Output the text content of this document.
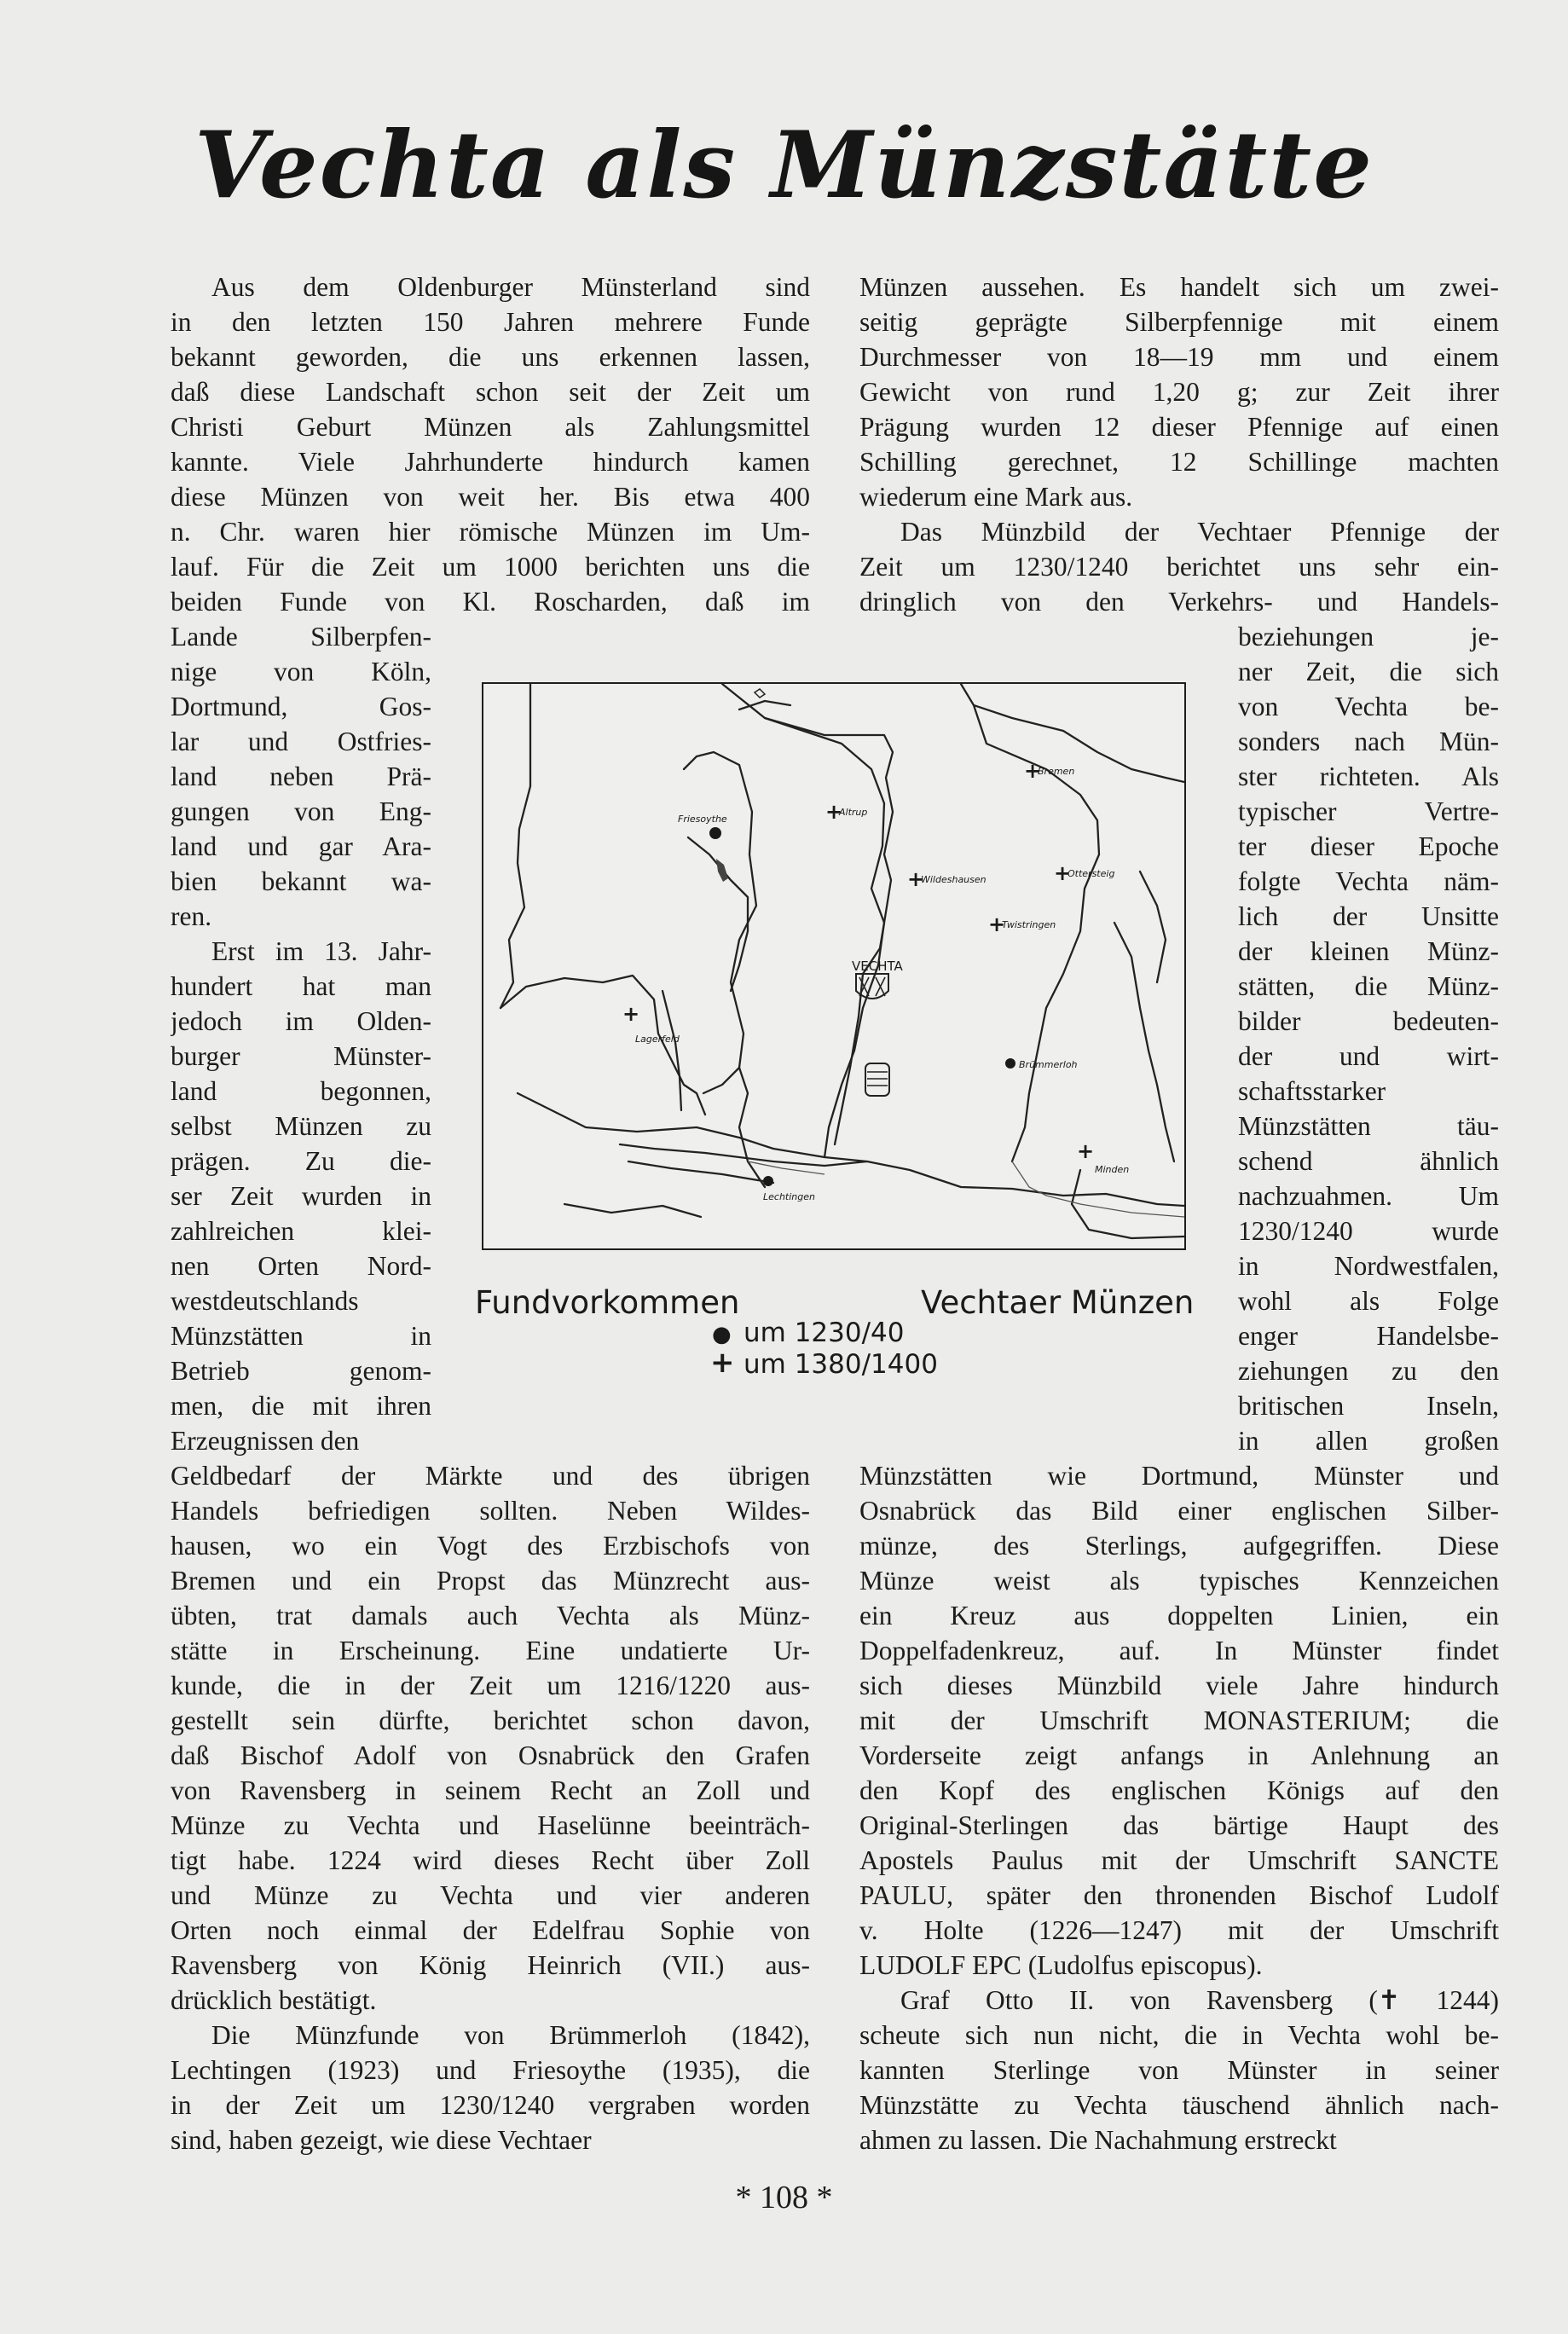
Vechta als Münzstätte
Aus dem Oldenburger Münsterland sind
in den letzten 150 Jahren mehrere Funde
bekannt geworden, die uns erkennen lassen,
daß diese Landschaft schon seit der Zeit um
Christi Geburt Münzen als Zahlungsmittel
kannte. Viele Jahrhunderte hindurch kamen
diese Münzen von weit her. Bis etwa 400
n. Chr. waren hier römische Münzen im Um-
lauf. Für die Zeit um 1000 berichten uns die
beiden Funde von Kl. Roscharden, daß im
Lande Silberpfen-
nige von Köln,
Dortmund, Gos-
lar und Ostfries-
land neben Prä-
gungen von Eng-
land und gar Ara-
bien bekannt wa-
ren.
Erst im 13. Jahr-
hundert hat man
jedoch im Olden-
burger Münster-
land begonnen,
selbst Münzen zu
prägen. Zu die-
ser Zeit wurden in
zahlreichen klei-
nen Orten Nord-
westdeutschlands
Münzstätten in
Betrieb genom-
men, die mit ihren
Erzeugnissen den
Geldbedarf der Märkte und des übrigen
Handels befriedigen sollten. Neben Wildes-
hausen, wo ein Vogt des Erzbischofs von
Bremen und ein Propst das Münzrecht aus-
übten, trat damals auch Vechta als Münz-
stätte in Erscheinung. Eine undatierte Ur-
kunde, die in der Zeit um 1216/1220 aus-
gestellt sein dürfte, berichtet schon davon,
daß Bischof Adolf von Osnabrück den Grafen
von Ravensberg in seinem Recht an Zoll und
Münze zu Vechta und Haselünne beeinträch-
tigt habe. 1224 wird dieses Recht über Zoll
und Münze zu Vechta und vier anderen
Orten noch einmal der Edelfrau Sophie von
Ravensberg von König Heinrich (VII.) aus-
drücklich bestätigt.
Die Münzfunde von Brümmerloh (1842),
Lechtingen (1923) und Friesoythe (1935), die
in der Zeit um 1230/1240 vergraben worden
sind, haben gezeigt, wie diese Vechtaer
Münzen aussehen. Es handelt sich um zwei-
seitig geprägte Silberpfennige mit einem
Durchmesser von 18—19 mm und einem
Gewicht von rund 1,20 g; zur Zeit ihrer
Prägung wurden 12 dieser Pfennige auf einen
Schilling gerechnet, 12 Schillinge machten
wiederum eine Mark aus.
Das Münzbild der Vechtaer Pfennige der
Zeit um 1230/1240 berichtet uns sehr ein-
dringlich von den Verkehrs- und Handels-
beziehungen je-
ner Zeit, die sich
von Vechta be-
sonders nach Mün-
ster richteten. Als
typischer Vertre-
ter dieser Epoche
folgte Vechta näm-
lich der Unsitte
der kleinen Münz-
stätten, die Münz-
bilder bedeuten-
der und wirt-
schaftsstarker
Münzstätten täu-
schend ähnlich
nachzuahmen. Um
1230/1240 wurde
in Nordwestfalen,
wohl als Folge
enger Handelsbe-
ziehungen zu den
britischen Inseln,
in allen großen
Münzstätten wie Dortmund, Münster und
Osnabrück das Bild einer englischen Silber-
münze, des Sterlings, aufgegriffen. Diese
Münze weist als typisches Kennzeichen
ein Kreuz aus doppelten Linien, ein
Doppelfadenkreuz, auf. In Münster findet
sich dieses Münzbild viele Jahre hindurch
mit der Umschrift MONASTERIUM; die
Vorderseite zeigt anfangs in Anlehnung an
den Kopf des englischen Königs auf den
Original-Sterlingen das bärtige Haupt des
Apostels Paulus mit der Umschrift SANCTE
PAULU, später den thronenden Bischof Ludolf
v. Holte (1226—1247) mit der Umschrift
LUDOLF EPC (Ludolfus episcopus).
Graf Otto II. von Ravensberg (✝ 1244)
scheute sich nun nicht, die in Vechta wohl be-
kannten Sterlinge von Münster in seiner
Münzstätte zu Vechta täuschend ähnlich nach-
ahmen zu lassen. Die Nachahmung erstreckt
+
+
+	+
+
+
+
Bremen
Altrup
Friesoythe
Wildeshausen
Ottersteig
Twistringen
VECHTA
Lagerfeld
Brümmerloh
Minden
Lechtingen
Fundvorkommen	Vechtaer Münzen
● um 1230/40
+ um 1380/1400
* 108 *
